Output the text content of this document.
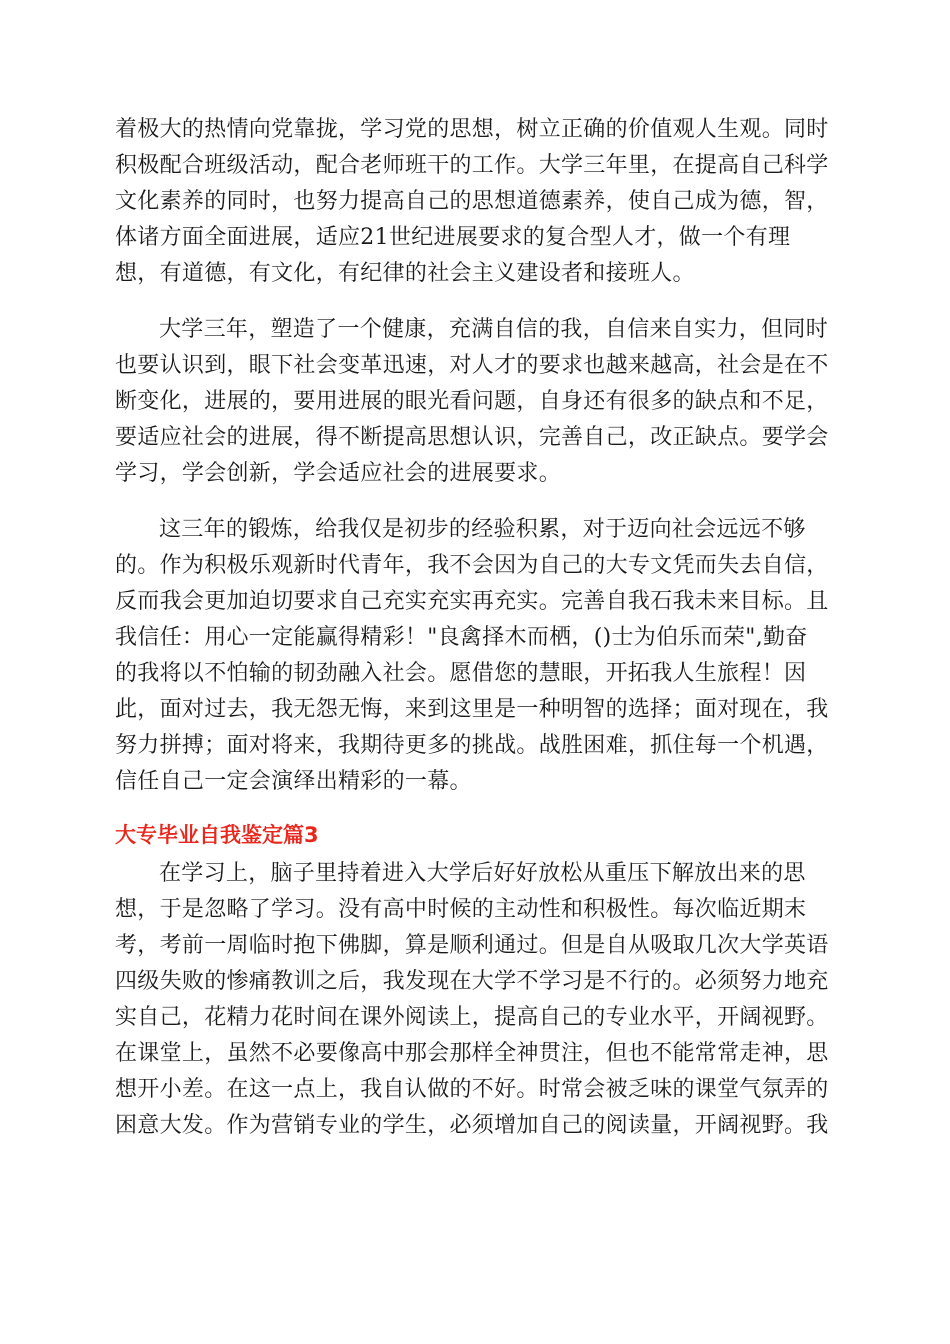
着极大的热情向党靠拢，学习党的思想，树立正确的价值观人生观。同时
积极配合班级活动，配合老师班干的工作。大学三年里，在提高自己科学
文化素养的同时，也努力提高自己的思想道德素养，使自己成为德，智，
体诸方面全面进展，适应21世纪进展要求的复合型人才，做一个有理
想，有道德，有文化，有纪律的社会主义建设者和接班人。
大学三年，塑造了一个健康，充满自信的我，自信来自实力，但同时
也要认识到，眼下社会变革迅速，对人才的要求也越来越高，社会是在不
断变化，进展的，要用进展的眼光看问题，自身还有很多的缺点和不足，
要适应社会的进展，得不断提高思想认识，完善自己，改正缺点。要学会
学习，学会创新，学会适应社会的进展要求。
这三年的锻炼，给我仅是初步的经验积累，对于迈向社会远远不够
的。作为积极乐观新时代青年，我不会因为自己的大专文凭而失去自信，
反而我会更加迫切要求自己充实充实再充实。完善自我石我未来目标。且
我信任：用心一定能赢得精彩！"良禽择木而栖，()士为伯乐而荣",勤奋
的我将以不怕输的韧劲融入社会。愿借您的慧眼，开拓我人生旅程！因
此，面对过去，我无怨无悔，来到这里是一种明智的选择；面对现在，我
努力拼搏；面对将来，我期待更多的挑战。战胜困难，抓住每一个机遇，
信任自己一定会演绎出精彩的一幕。
大专毕业自我鉴定篇3
在学习上，脑子里持着进入大学后好好放松从重压下解放出来的思
想，于是忽略了学习。没有高中时候的主动性和积极性。每次临近期末
考，考前一周临时抱下佛脚，算是顺利通过。但是自从吸取几次大学英语
四级失败的惨痛教训之后，我发现在大学不学习是不行的。必须努力地充
实自己，花精力花时间在课外阅读上，提高自己的专业水平，开阔视野。
在课堂上，虽然不必要像高中那会那样全神贯注，但也不能常常走神，思
想开小差。在这一点上，我自认做的不好。时常会被乏味的课堂气氛弄的
困意大发。作为营销专业的学生，必须增加自己的阅读量，开阔视野。我
